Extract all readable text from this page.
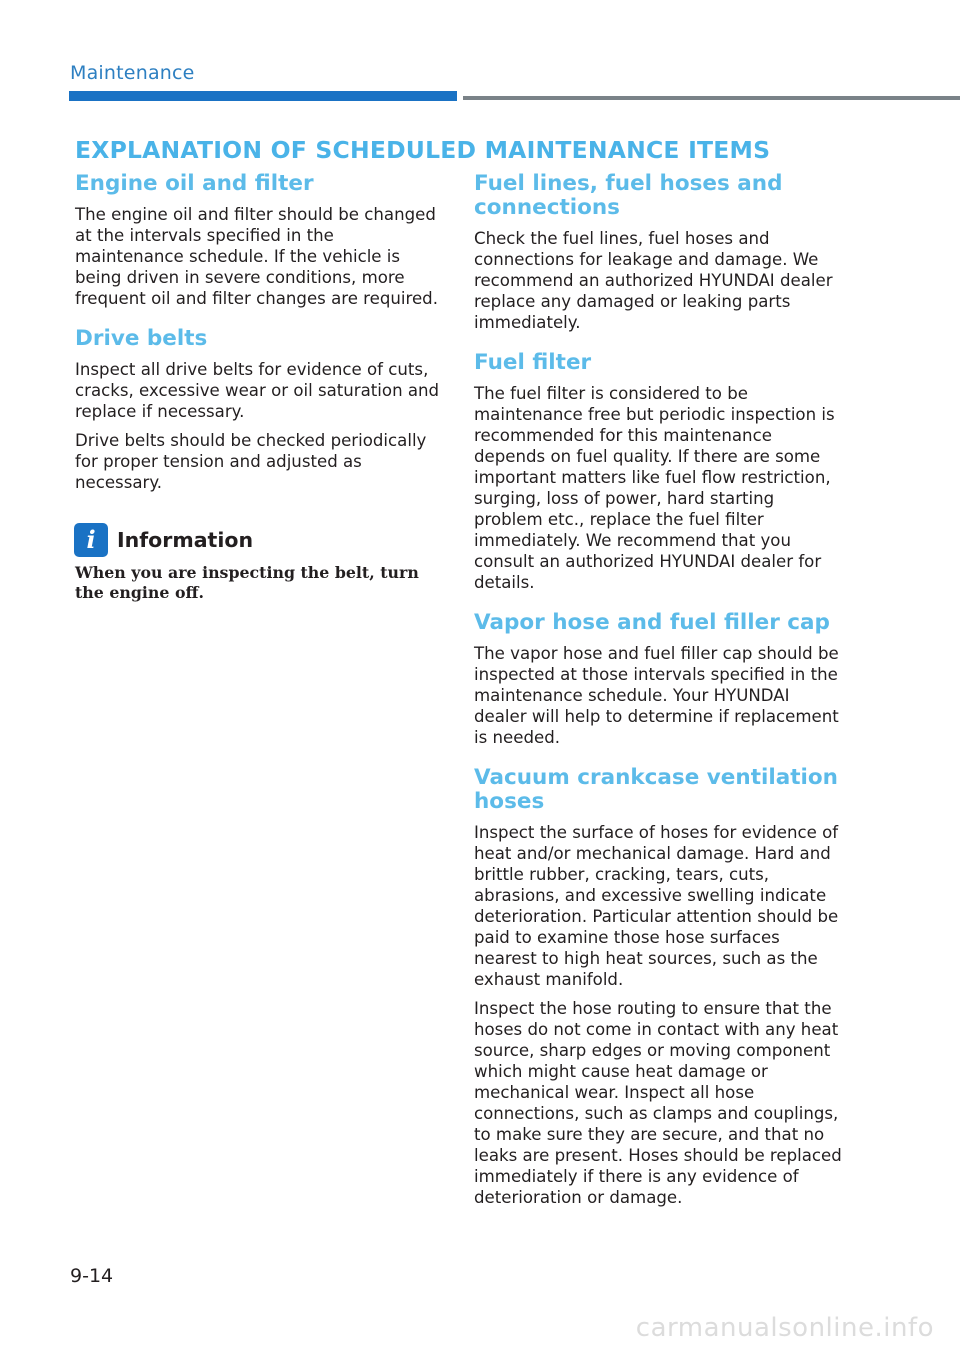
Maintenance
EXPLANATION OF SCHEDULED MAINTENANCE ITEMS
Engine oil and filter

The engine oil and filter should be changed at the intervals specified in the maintenance schedule. If the vehicle is being driven in severe conditions, more frequent oil and filter changes are required.

Drive belts

Inspect all drive belts for evidence of cuts, cracks, excessive wear or oil saturation and replace if necessary.

Drive belts should be checked periodically for proper tension and adjusted as necessary.

i Information

When you are inspecting the belt, turn the engine off.

Fuel lines, fuel hoses and connections

Check the fuel lines, fuel hoses and connections for leakage and damage. We recommend an authorized HYUNDAI dealer replace any damaged or leaking parts immediately.

Fuel filter

The fuel filter is considered to be maintenance free but periodic inspection is recommended for this maintenance depends on fuel quality. If there are some important matters like fuel flow restriction, surging, loss of power, hard starting problem etc., replace the fuel filter immediately. We recommend that you consult an authorized HYUNDAI dealer for details.

Vapor hose and fuel filler cap

The vapor hose and fuel filler cap should be inspected at those intervals specified in the maintenance schedule. Your HYUNDAI dealer will help to determine if replacement is needed.

Vacuum crankcase ventilation hoses

Inspect the surface of hoses for evidence of heat and/or mechanical damage. Hard and brittle rubber, cracking, tears, cuts, abrasions, and excessive swelling indicate deterioration. Particular attention should be paid to examine those hose surfaces nearest to high heat sources, such as the exhaust manifold.

Inspect the hose routing to ensure that the hoses do not come in contact with any heat source, sharp edges or moving component which might cause heat damage or mechanical wear. Inspect all hose connections, such as clamps and couplings, to make sure they are secure, and that no leaks are present. Hoses should be replaced immediately if there is any evidence of deterioration or damage.

9-14
carmanualsonline.info
